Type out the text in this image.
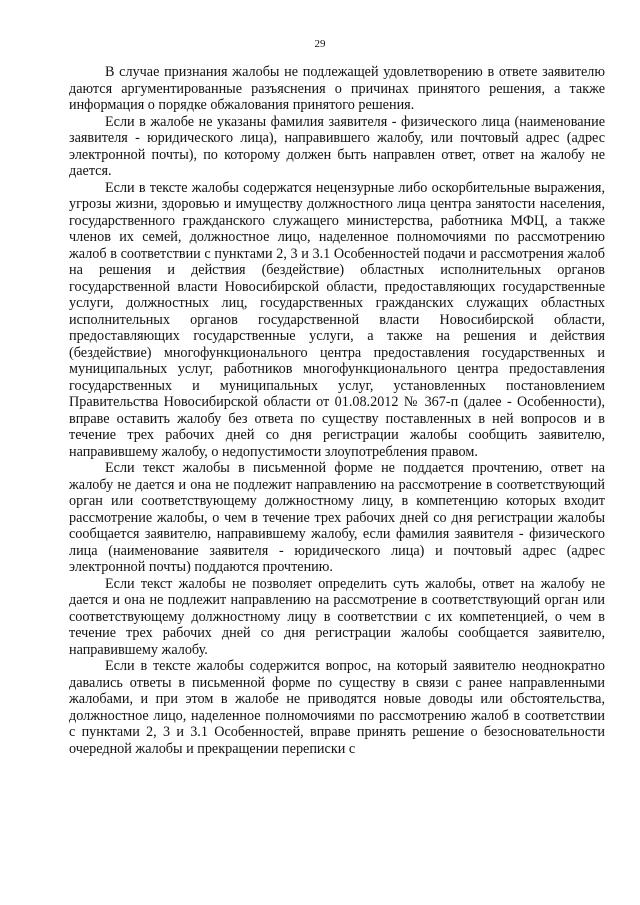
29

В случае признания жалобы не подлежащей удовлетворению в ответе заявителю даются аргументированные разъяснения о причинах принятого решения, а также информация о порядке обжалования принятого решения.

Если в жалобе не указаны фамилия заявителя - физического лица (наименование заявителя - юридического лица), направившего жалобу, или почтовый адрес (адрес электронной почты), по которому должен быть направлен ответ, ответ на жалобу не дается.

Если в тексте жалобы содержатся нецензурные либо оскорбительные выражения, угрозы жизни, здоровью и имуществу должностного лица центра занятости населения, государственного гражданского служащего министерства, работника МФЦ, а также членов их семей, должностное лицо, наделенное полномочиями по рассмотрению жалоб в соответствии с пунктами 2, 3 и 3.1 Особенностей подачи и рассмотрения жалоб на решения и действия (бездействие) областных исполнительных органов государственной власти Новосибирской области, предоставляющих государственные услуги, должностных лиц, государственных гражданских служащих областных исполнительных органов государственной власти Новосибирской области, предоставляющих государственные услуги, а также на решения и действия (бездействие) многофункционального центра предоставления государственных и муниципальных услуг, работников многофункционального центра предоставления государственных и муниципальных услуг, установленных постановлением Правительства Новосибирской области от 01.08.2012 № 367-п (далее - Особенности), вправе оставить жалобу без ответа по существу поставленных в ней вопросов и в течение трех рабочих дней со дня регистрации жалобы сообщить заявителю, направившему жалобу, о недопустимости злоупотребления правом.

Если текст жалобы в письменной форме не поддается прочтению, ответ на жалобу не дается и она не подлежит направлению на рассмотрение в соответствующий орган или соответствующему должностному лицу, в компетенцию которых входит рассмотрение жалобы, о чем в течение трех рабочих дней со дня регистрации жалобы сообщается заявителю, направившему жалобу, если фамилия заявителя - физического лица (наименование заявителя - юридического лица) и почтовый адрес (адрес электронной почты) поддаются прочтению.

Если текст жалобы не позволяет определить суть жалобы, ответ на жалобу не дается и она не подлежит направлению на рассмотрение в соответствующий орган или соответствующему должностному лицу в соответствии с их компетенцией, о чем в течение трех рабочих дней со дня регистрации жалобы сообщается заявителю, направившему жалобу.

Если в тексте жалобы содержится вопрос, на который заявителю неоднократно давались ответы в письменной форме по существу в связи с ранее направленными жалобами, и при этом в жалобе не приводятся новые доводы или обстоятельства, должностное лицо, наделенное полномочиями по рассмотрению жалоб в соответствии с пунктами 2, 3 и 3.1 Особенностей, вправе принять решение о безосновательности очередной жалобы и прекращении переписки с
